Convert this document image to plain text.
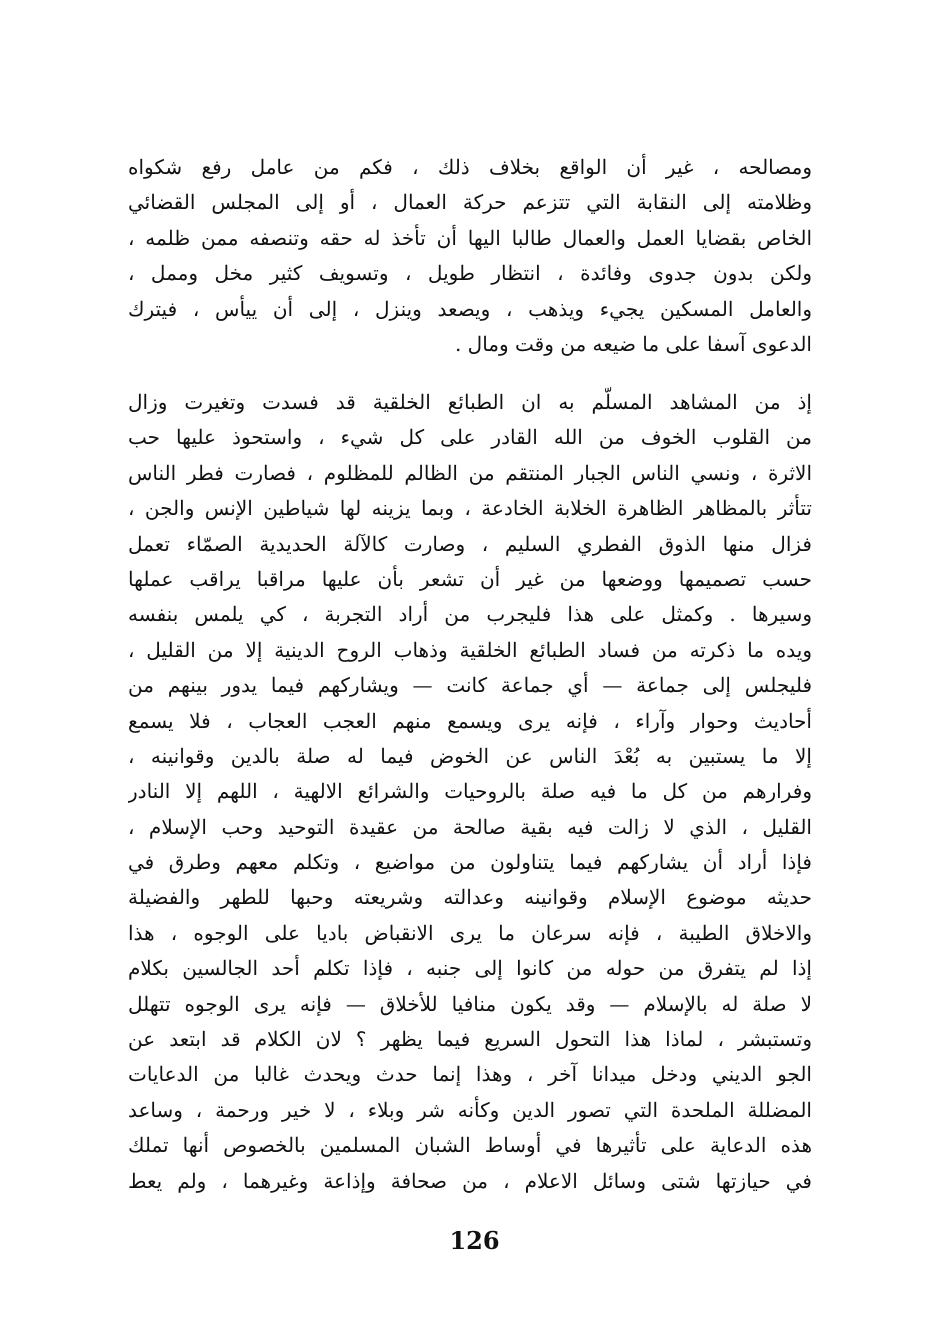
ومصالحه ، غير أن الواقع بخلاف ذلك ، فكم من عامل رفع شكواه
وظلامته إلى النقابة التي تتزعم حركة العمال ، أو إلى المجلس القضائي
الخاص بقضايا العمل والعمال طالبا اليها أن تأخذ له حقه وتنصفه ممن ظلمه ،
ولكن بدون جدوى وفائدة ، انتظار طويل ، وتسويف كثير مخل وممل ،
والعامل المسكين يجيء ويذهب ، ويصعد وينزل ، إلى أن ييأس ، فيترك
الدعوى آسفا على ما ضيعه من وقت ومال .
إذ من المشاهد المسلّم به ان الطبائع الخلقية قد فسدت وتغيرت وزال
من القلوب الخوف من الله القادر على كل شيء ، واستحوذ عليها حب
الاثرة ، ونسي الناس الجبار المنتقم من الظالم للمظلوم ، فصارت فطر الناس
تتأثر بالمظاهر الظاهرة الخلابة الخادعة ، وبما يزينه لها شياطين الإنس والجن ،
فزال منها الذوق الفطري السليم ، وصارت كالآلة الحديدية الصمّاء تعمل
حسب تصميمها ووضعها من غير أن تشعر بأن عليها مراقبا يراقب عملها
وسيرها . وكمثل على هذا فليجرب من أراد التجربة ، كي يلمس بنفسه
ويده ما ذكرته من فساد الطبائع الخلقية وذهاب الروح الدينية إلا من القليل ،
فليجلس إلى جماعة — أي جماعة كانت — ويشاركهم فيما يدور بينهم من
أحاديث وحوار وآراء ، فإنه يرى ويسمع منهم العجب العجاب ، فلا يسمع
إلا ما يستبين به بُعْدَ الناس عن الخوض فيما له صلة بالدين وقوانينه ،
وفرارهم من كل ما فيه صلة بالروحيات والشرائع الالهية ، اللهم إلا النادر
القليل ، الذي لا زالت فيه بقية صالحة من عقيدة التوحيد وحب الإسلام ،
فإذا أراد أن يشاركهم فيما يتناولون من مواضيع ، وتكلم معهم وطرق في
حديثه موضوع الإسلام وقوانينه وعدالته وشريعته وحبها للطهر والفضيلة
والاخلاق الطيبة ، فإنه سرعان ما يرى الانقباض باديا على الوجوه ، هذا
إذا لم يتفرق من حوله من كانوا إلى جنبه ، فإذا تكلم أحد الجالسين بكلام
لا صلة له بالإسلام — وقد يكون منافيا للأخلاق — فإنه يرى الوجوه تتهلل
وتستبشر ، لماذا هذا التحول السريع فيما يظهر ؟ لان الكلام قد ابتعد عن
الجو الديني ودخل ميدانا آخر ، وهذا إنما حدث ويحدث غالبا من الدعايات
المضللة الملحدة التي تصور الدين وكأنه شر وبلاء ، لا خير ورحمة ، وساعد
هذه الدعاية على تأثيرها في أوساط الشبان المسلمين بالخصوص أنها تملك
في حيازتها شتى وسائل الاعلام ، من صحافة وإذاعة وغيرهما ، ولم يعط
126
